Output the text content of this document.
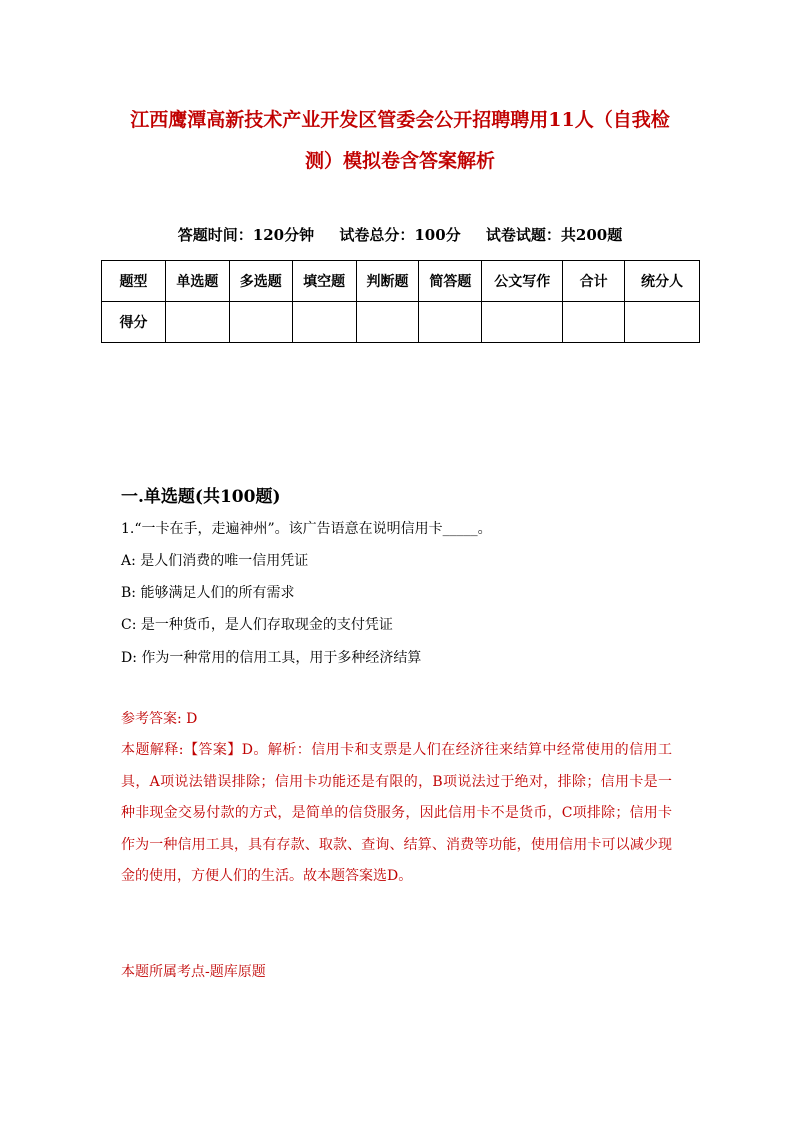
江西鹰潭高新技术产业开发区管委会公开招聘聘用11人（自我检
测）模拟卷含答案解析
答题时间：120分钟 试卷总分：100分 试卷试题：共200题
题型	单选题	多选题	填空题	判断题	简答题	公文写作	合计	统分人
得分								
一.单选题(共100题)
1.“一卡在手，走遍神州”。该广告语意在说明信用卡_____。
A: 是人们消费的唯一信用凭证
B: 能够满足人们的所有需求
C: 是一种货币，是人们存取现金的支付凭证
D: 作为一种常用的信用工具，用于多种经济结算
参考答案: D
本题解释:【答案】D。解析：信用卡和支票是人们在经济往来结算中经常使用的信用工具，A项说法错误排除；信用卡功能还是有限的，B项说法过于绝对，排除；信用卡是一种非现金交易付款的方式，是简单的信贷服务，因此信用卡不是货币，C项排除；信用卡作为一种信用工具，具有存款、取款、查询、结算、消费等功能，使用信用卡可以减少现金的使用，方便人们的生活。故本题答案选D。
本题所属考点-题库原题
